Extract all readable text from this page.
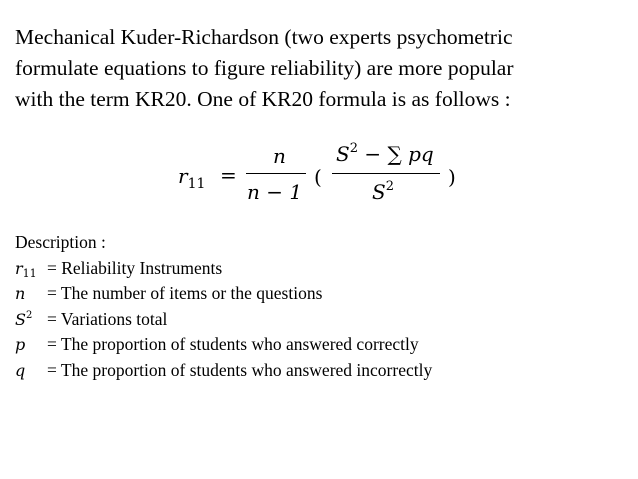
Mechanical Kuder-Richardson (two experts psychometric
formulate equations to figure reliability) are more popular
with the term KR20. One of KR20 formula is as follows :
$r_{11}$ =
n
n − 1
(
$S^2$ − ∑ pq
$S^2$	)
Description :
r11 = Reliability Instruments
n = The number of items or the questions
$S^2$ = Variations total
p = The proportion of students who answered correctly
q = The proportion of students who answered incorrectly
